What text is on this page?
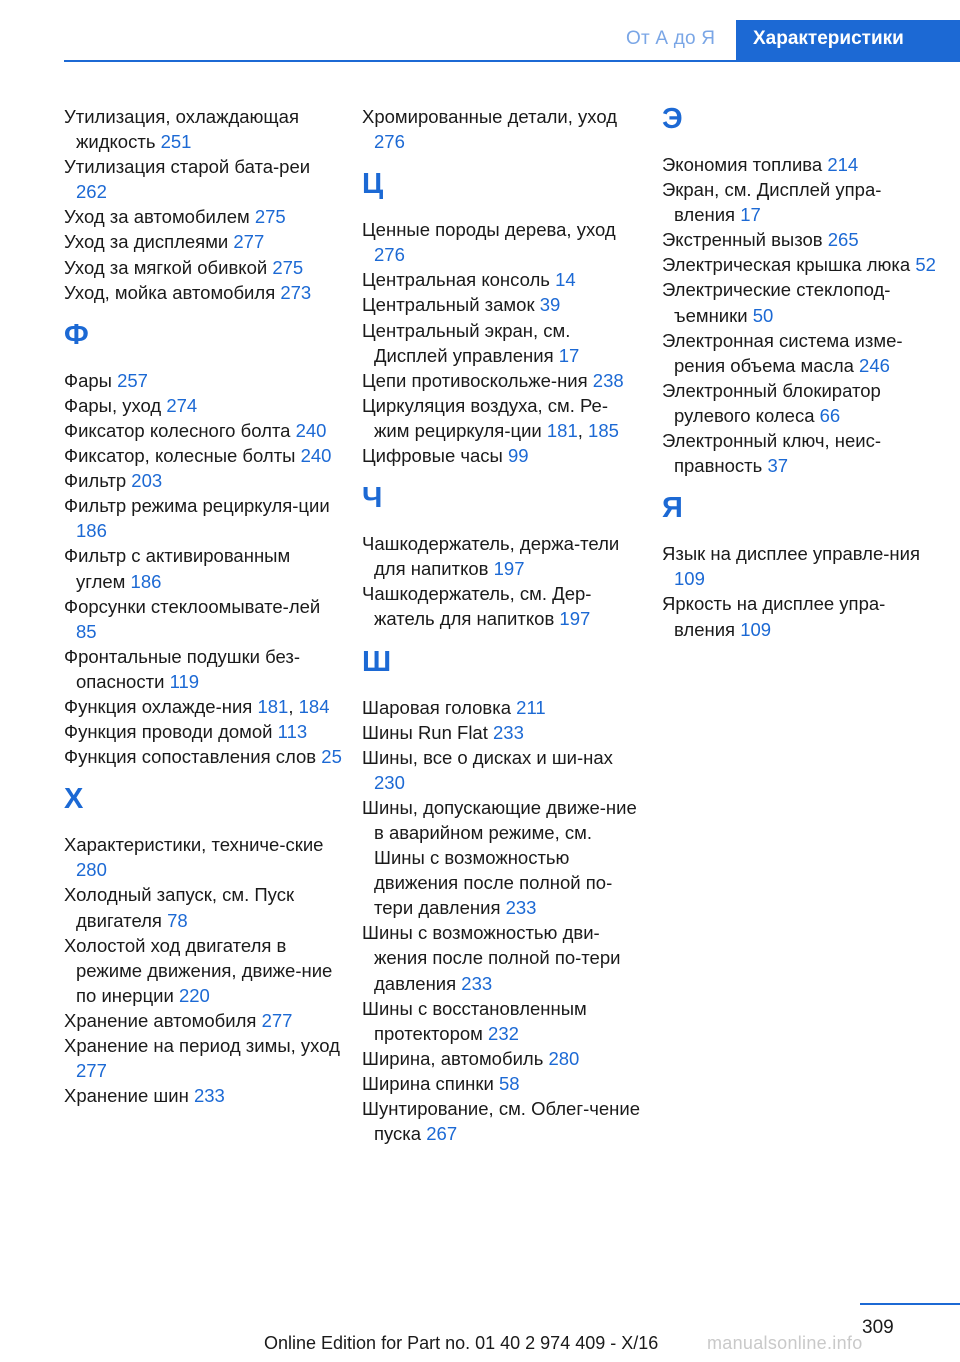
От А до Я	Характеристики
Утилизация, охлаждающая жидкость 251
Утилизация старой бата-реи 262
Уход за автомобилем 275
Уход за дисплеями 277
Уход за мягкой обивкой 275
Уход, мойка автомобиля 273
Ф
Фары 257
Фары, уход 274
Фиксатор колесного болта 240
Фиксатор, колесные болты 240
Фильтр 203
Фильтр режима рециркуля-ции 186
Фильтр с активированным углем 186
Форсунки стеклоомывате-лей 85
Фронтальные подушки без-опасности 119
Функция охлажде-ния 181, 184
Функция проводи домой 113
Функция сопоставления слов 25
Х
Характеристики, техниче-ские 280
Холодный запуск, см. Пуск двигателя 78
Холостой ход двигателя в режиме движения, движе-ние по инерции 220
Хранение автомобиля 277
Хранение на период зимы, уход 277
Хранение шин 233
Хромированные детали, уход 276
Ц
Ценные породы дерева, уход 276
Центральная консоль 14
Центральный замок 39
Центральный экран, см. Дисплей управления 17
Цепи противоскольже-ния 238
Циркуляция воздуха, см. Ре-жим рециркуля-ции 181, 185
Цифровые часы 99
Ч
Чашкодержатель, держа-тели для напитков 197
Чашкодержатель, см. Дер-жатель для напитков 197
Ш
Шаровая головка 211
Шины Run Flat 233
Шины, все о дисках и ши-нах 230
Шины, допускающие движе-ние в аварийном режиме, см. Шины с возможностью движения после полной по-тери давления 233
Шины с возможностью дви-жения после полной по-тери давления 233
Шины с восстановленным протектором 232
Ширина, автомобиль 280
Ширина спинки 58
Шунтирование, см. Облег-чение пуска 267
Э
Экономия топлива 214
Экран, см. Дисплей упра-вления 17
Экстренный вызов 265
Электрическая крышка люка 52
Электрические стеклопод-ъемники 50
Электронная система изме-рения объема масла 246
Электронный блокиратор рулевого колеса 66
Электронный ключ, неис-правность 37
Я
Язык на дисплее управле-ния 109
Яркость на дисплее упра-вления 109
309
Online Edition for Part no. 01 40 2 974 409 - X/16	manualsonline.info
